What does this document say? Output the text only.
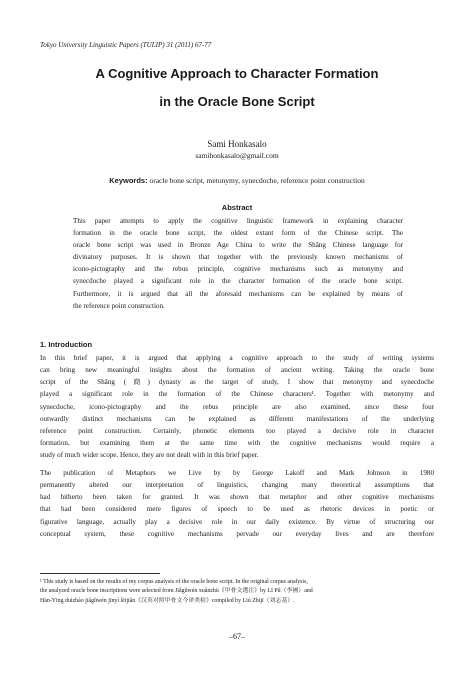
Tokyo University Linguistic Papers (TULIP) 31 (2011) 67-77
A Cognitive Approach to Character Formation
in the Oracle Bone Script
Sami Honkasalo
samihonkasalo@gmail.com
Keywords: oracle bone script, metonymy, synecdoche, reference point construction
Abstract
This paper attempts to apply the cognitive linguistic framework in explaining character
formation in the oracle bone script, the oldest extant form of the Chinese script. The
oracle bone script was used in Bronze Age China to write the Shāng Chinese language for
divinatory purposes. It is shown that together with the previously known mechanisms of
icono-pictography and the rebus principle, cognitive mechanisms such as metonymy and
synecdoche played a significant role in the character formation of the oracle bone script.
Furthermore, it is argued that all the aforesaid mechanisms can be explained by means of
the reference point construction.
1. Introduction
In this brief paper, it is argued that applying a cognitive approach to the study of writing systems
can bring new meaningful insights about the formation of ancient writing. Taking the oracle bone
script of the Shāng (商) dynasty as the target of study, I show that metonymy and synecdoche
played a significant role in the formation of the Chinese characters¹. Together with metonymy and
synecdoche, icono-pictography and the rebus principle are also examined, since these four
outwardly distinct mechanisms can be explained as different manifestations of the underlying
reference point construction. Certainly, phonetic elements too played a decisive role in character
formation, but examining them at the same time with the cognitive mechanisms would require a
study of much wider scope. Hence, they are not dealt with in this brief paper.
The publication of Metaphors we Live by by George Lakoff and Mark Johnson in 1980
permanently altered our interpretation of linguistics, changing many theoretical assumptions that
had hitherto been taken for granted. It was shown that metaphor and other cognitive mechanisms
that had been considered mere figures of speech to be used as rhetoric devices in poetic or
figurative language, actually play a decisive role in our daily existence. By virtue of structuring our
conceptual system, these cognitive mechanisms pervade our everyday lives and are therefore
¹ This study is based on the results of my corpus analysis of the oracle bone script. In the original corpus analysis,
the analyzed oracle bone inscriptions were selected from Jiǎgǔwén xuǎnzhù《甲骨文選注》by LI Pǔ（李圃）and
Hàn-Yīng duìzhào jiǎgǔwén jīnyì lèijiǎn《汉英对照甲骨文今译类检》compiled by Liú Zhìjī（刘志基）.
–67–
